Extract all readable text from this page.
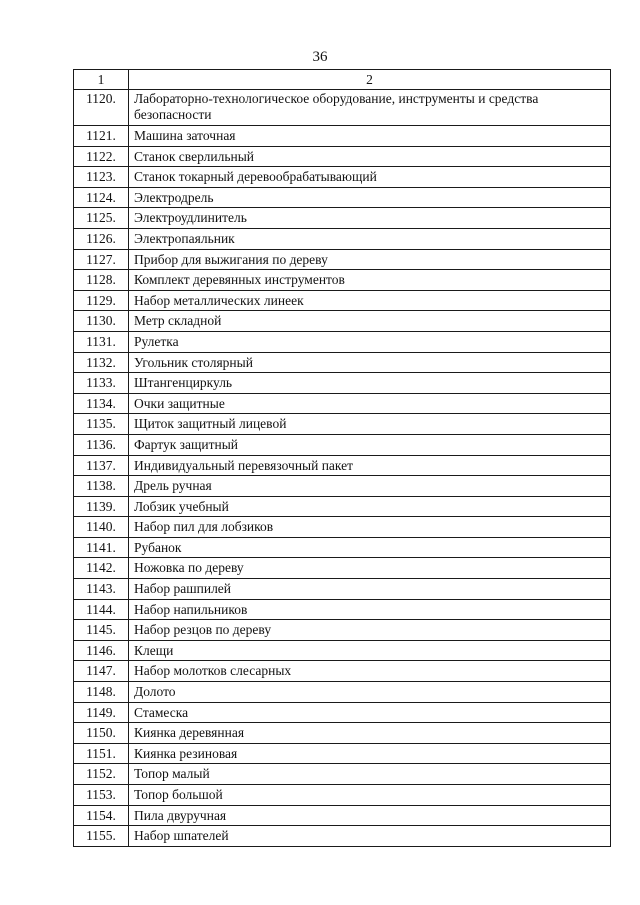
36
1	2
1120.	Лабораторно-технологическое оборудование, инструменты и средства безопасности
1121.	Машина заточная
1122.	Станок сверлильный
1123.	Станок токарный деревообрабатывающий
1124.	Электродрель
1125.	Электроудлинитель
1126.	Электропаяльник
1127.	Прибор для выжигания по дереву
1128.	Комплект деревянных инструментов
1129.	Набор металлических линеек
1130.	Метр складной
1131.	Рулетка
1132.	Угольник столярный
1133.	Штангенциркуль
1134.	Очки защитные
1135.	Щиток защитный лицевой
1136.	Фартук защитный
1137.	Индивидуальный перевязочный пакет
1138.	Дрель ручная
1139.	Лобзик учебный
1140.	Набор пил для лобзиков
1141.	Рубанок
1142.	Ножовка по дереву
1143.	Набор рашпилей
1144.	Набор напильников
1145.	Набор резцов по дереву
1146.	Клещи
1147.	Набор молотков слесарных
1148.	Долото
1149.	Стамеска
1150.	Киянка деревянная
1151.	Киянка резиновая
1152.	Топор малый
1153.	Топор большой
1154.	Пила двуручная
1155.	Набор шпателей
